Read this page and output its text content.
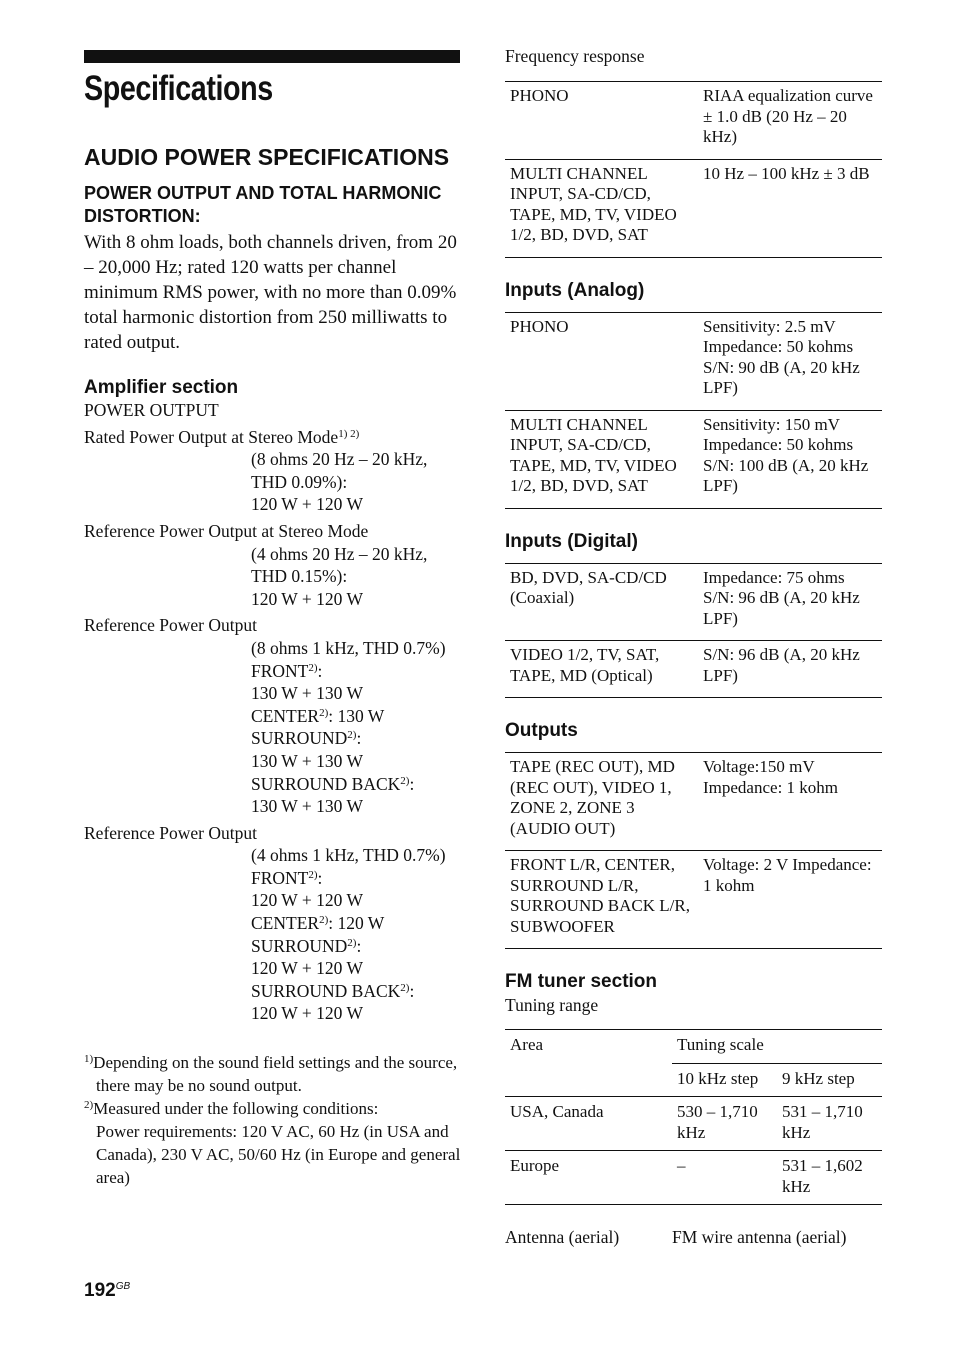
Specifications
AUDIO POWER SPECIFICATIONS
POWER OUTPUT AND TOTAL HARMONIC DISTORTION:

With 8 ohm loads, both channels driven, from 20 – 20,000 Hz; rated 120 watts per channel minimum RMS power, with no more than 0.09% total harmonic distortion from 250 milliwatts to rated output.

Amplifier section
POWER OUTPUT
Rated Power Output at Stereo Mode$^{1) 2)}$
(8 ohms 20 Hz – 20 kHz,
THD 0.09%):
120 W + 120 W
Reference Power Output at Stereo Mode
(4 ohms 20 Hz – 20 kHz,
THD 0.15%):
120 W + 120 W
Reference Power Output
(8 ohms 1 kHz, THD 0.7%)
FRONT$^{2)}$:
130 W + 130 W
CENTER$^{2)}$: 130 W
SURROUND$^{2)}$:
130 W + 130 W
SURROUND BACK$^{2)}$:
130 W + 130 W
Reference Power Output
(4 ohms 1 kHz, THD 0.7%)
FRONT$^{2)}$:
120 W + 120 W
CENTER$^{2)}$: 120 W
SURROUND$^{2)}$:
120 W + 120 W
SURROUND BACK$^{2)}$:
120 W + 120 W
$^{1)}$Depending on the sound field settings and the source, there may be no sound output.
$^{2)}$Measured under the following conditions:
Power requirements: 120 V AC, 60 Hz (in USA and Canada), 230 V AC, 50/60 Hz (in Europe and general area)
$192^{GB}$
Frequency response
PHONO	RIAA equalization curve ± 1.0 dB (20 Hz – 20 kHz)
MULTI CHANNEL INPUT, SA-CD/CD, TAPE, MD, TV, VIDEO 1/2, BD, DVD, SAT	10 Hz – 100 kHz ± 3 dB
Inputs (Analog)
PHONO	Sensitivity: 2.5 mV Impedance: 50 kohms S/N: 90 dB (A, 20 kHz LPF)
MULTI CHANNEL INPUT, SA-CD/CD, TAPE, MD, TV, VIDEO 1/2, BD, DVD, SAT	Sensitivity: 150 mV Impedance: 50 kohms S/N: 100 dB (A, 20 kHz LPF)
Inputs (Digital)
BD, DVD, SA-CD/CD (Coaxial)	Impedance: 75 ohms S/N: 96 dB (A, 20 kHz LPF)
VIDEO 1/2, TV, SAT, TAPE, MD (Optical)	S/N: 96 dB (A, 20 kHz LPF)
Outputs
TAPE (REC OUT), MD (REC OUT), VIDEO 1, ZONE 2, ZONE 3 (AUDIO OUT)	Voltage:150 mV Impedance: 1 kohm
FRONT L/R, CENTER, SURROUND L/R, SURROUND BACK L/R, SUBWOOFER	Voltage: 2 V Impedance: 1 kohm
FM tuner section
Tuning range
Area	Tuning scale	
	10 kHz step	9 kHz step
USA, Canada	530 – 1,710 kHz	531 – 1,710 kHz
Europe	–	531 – 1,602 kHz
Antenna (aerial)	FM wire antenna (aerial)
